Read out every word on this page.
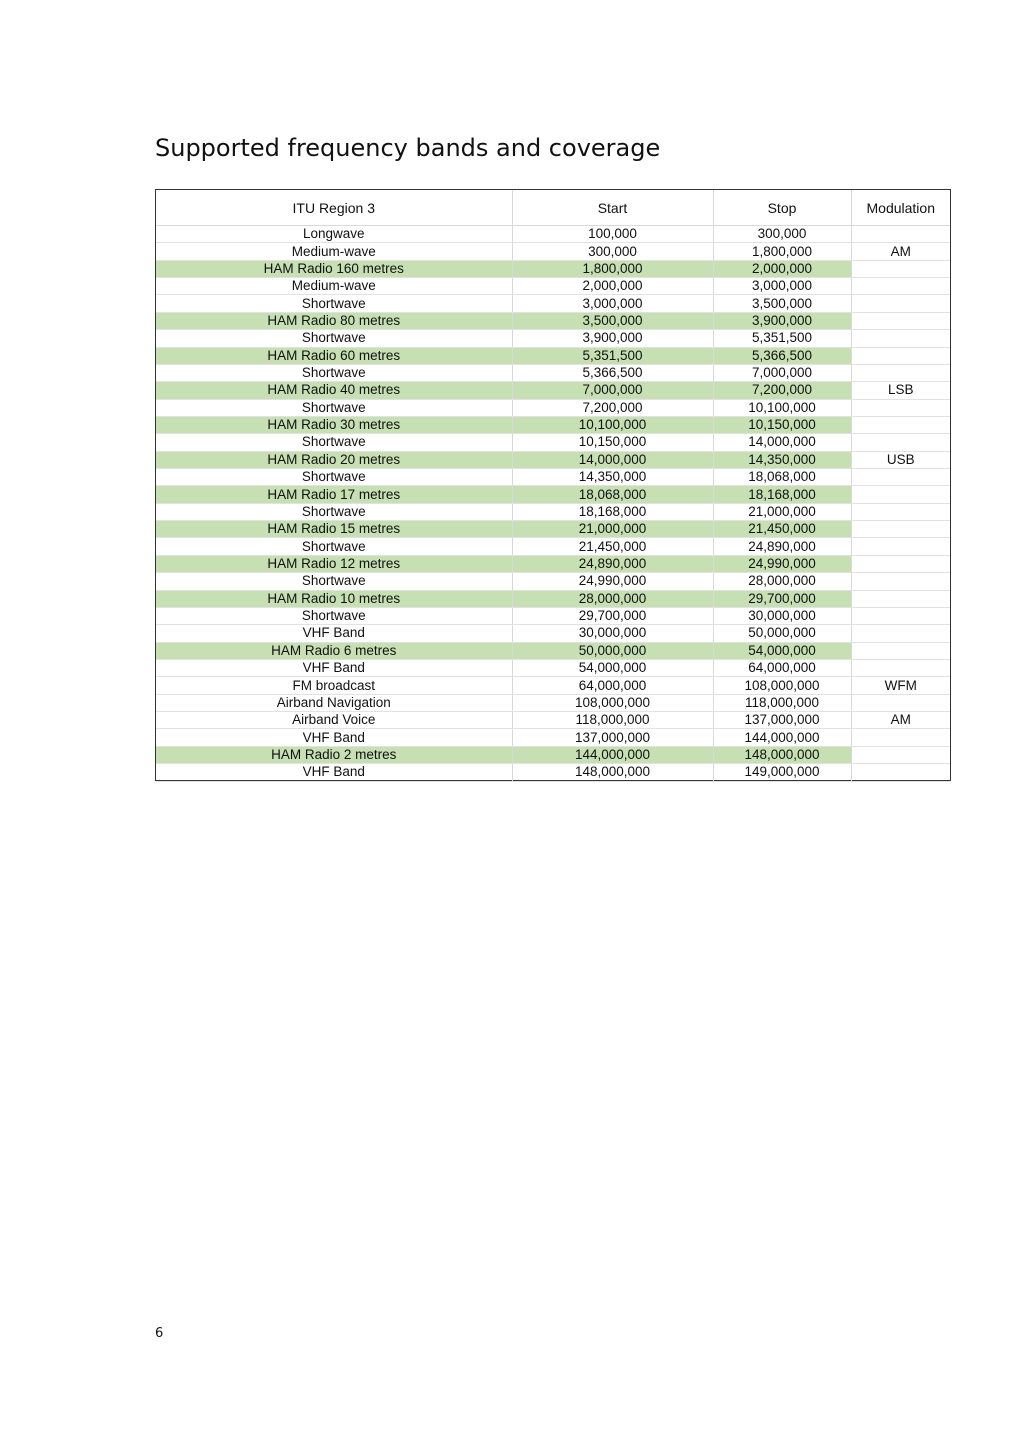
Supported frequency bands and coverage
ITU Region 3	Start	Stop	Modulation
Longwave	100,000	300,000	
Medium-wave	300,000	1,800,000	AM
HAM Radio 160 metres	1,800,000	2,000,000	
Medium-wave	2,000,000	3,000,000	
Shortwave	3,000,000	3,500,000	
HAM Radio 80 metres	3,500,000	3,900,000	
Shortwave	3,900,000	5,351,500	
HAM Radio 60 metres	5,351,500	5,366,500	
Shortwave	5,366,500	7,000,000	
HAM Radio 40 metres	7,000,000	7,200,000	LSB
Shortwave	7,200,000	10,100,000	
HAM Radio 30 metres	10,100,000	10,150,000	
Shortwave	10,150,000	14,000,000	
HAM Radio 20 metres	14,000,000	14,350,000	USB
Shortwave	14,350,000	18,068,000	
HAM Radio 17 metres	18,068,000	18,168,000	
Shortwave	18,168,000	21,000,000	
HAM Radio 15 metres	21,000,000	21,450,000	
Shortwave	21,450,000	24,890,000	
HAM Radio 12 metres	24,890,000	24,990,000	
Shortwave	24,990,000	28,000,000	
HAM Radio 10 metres	28,000,000	29,700,000	
Shortwave	29,700,000	30,000,000	
VHF Band	30,000,000	50,000,000	
HAM Radio 6 metres	50,000,000	54,000,000	
VHF Band	54,000,000	64,000,000	
FM broadcast	64,000,000	108,000,000	WFM
Airband Navigation	108,000,000	118,000,000	
Airband Voice	118,000,000	137,000,000	AM
VHF Band	137,000,000	144,000,000	
HAM Radio 2 metres	144,000,000	148,000,000	
VHF Band	148,000,000	149,000,000	
6
